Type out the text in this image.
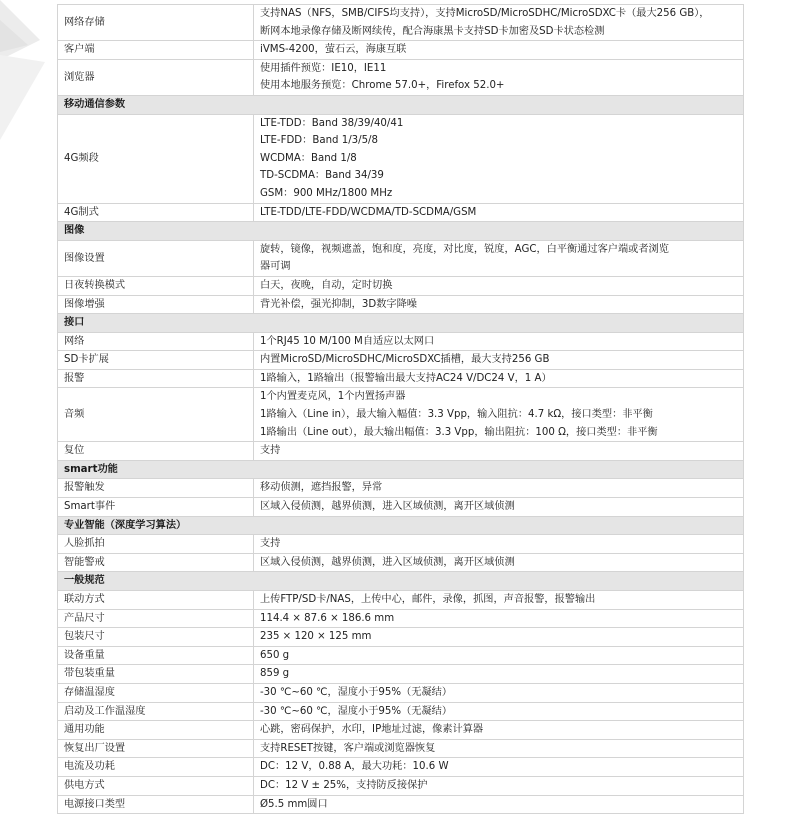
网络存储	支持NAS（NFS，SMB/CIFS均支持），支持MicroSD/MicroSDHC/MicroSDXC卡（最大256 GB），
断网本地录像存储及断网续传，配合海康黑卡支持SD卡加密及SD卡状态检测

客户端	iVMS-4200，萤石云，海康互联

浏览器	使用插件预览：IE10，IE11
使用本地服务预览：Chrome 57.0+，Firefox 52.0+

移动通信参数	
4G频段	LTE-TDD：Band 38/39/40/41
LTE-FDD：Band 1/3/5/8
WCDMA：Band 1/8
TD-SCDMA：Band 34/39
GSM：900 MHz/1800 MHz

4G制式	LTE-TDD/LTE-FDD/WCDMA/TD-SCDMA/GSM

图像	
图像设置	旋转，镜像，视频遮盖，饱和度，亮度，对比度，锐度，AGC，白平衡通过客户端或者浏览
器可调

日夜转换模式	白天，夜晚，自动，定时切换

图像增强	背光补偿，强光抑制，3D数字降噪

接口	
网络	1个RJ45 10 M/100 M自适应以太网口

SD卡扩展	内置MicroSD/MicroSDHC/MicroSDXC插槽，最大支持256 GB

报警	1路输入，1路输出（报警输出最大支持AC24 V/DC24 V，1 A）

音频	1个内置麦克风，1个内置扬声器
1路输入（Line in），最大输入幅值：3.3 Vpp，输入阻抗：4.7 kΩ，接口类型：非平衡
1路输出（Line out），最大输出幅值：3.3 Vpp，输出阻抗：100 Ω，接口类型：非平衡

复位	支持

smart功能	
报警触发	移动侦测，遮挡报警，异常

Smart事件	区域入侵侦测，越界侦测，进入区域侦测，离开区域侦测

专业智能（深度学习算法）	
人脸抓拍	支持

智能警戒	区域入侵侦测，越界侦测，进入区域侦测，离开区域侦测

一般规范	
联动方式	上传FTP/SD卡/NAS，上传中心，邮件，录像，抓图，声音报警，报警输出

产品尺寸	114.4 × 87.6 × 186.6 mm

包装尺寸	235 × 120 × 125 mm

设备重量	650 g

带包装重量	859 g

存储温湿度	-30 ℃~60 ℃，湿度小于95%（无凝结）

启动及工作温湿度	-30 ℃~60 ℃，湿度小于95%（无凝结）

通用功能	心跳，密码保护，水印，IP地址过滤，像素计算器

恢复出厂设置	支持RESET按键，客户端或浏览器恢复

电流及功耗	DC：12 V，0.88 A，最大功耗：10.6 W

供电方式	DC：12 V ± 25%，支持防反接保护

电源接口类型	Ø5.5 mm圆口
